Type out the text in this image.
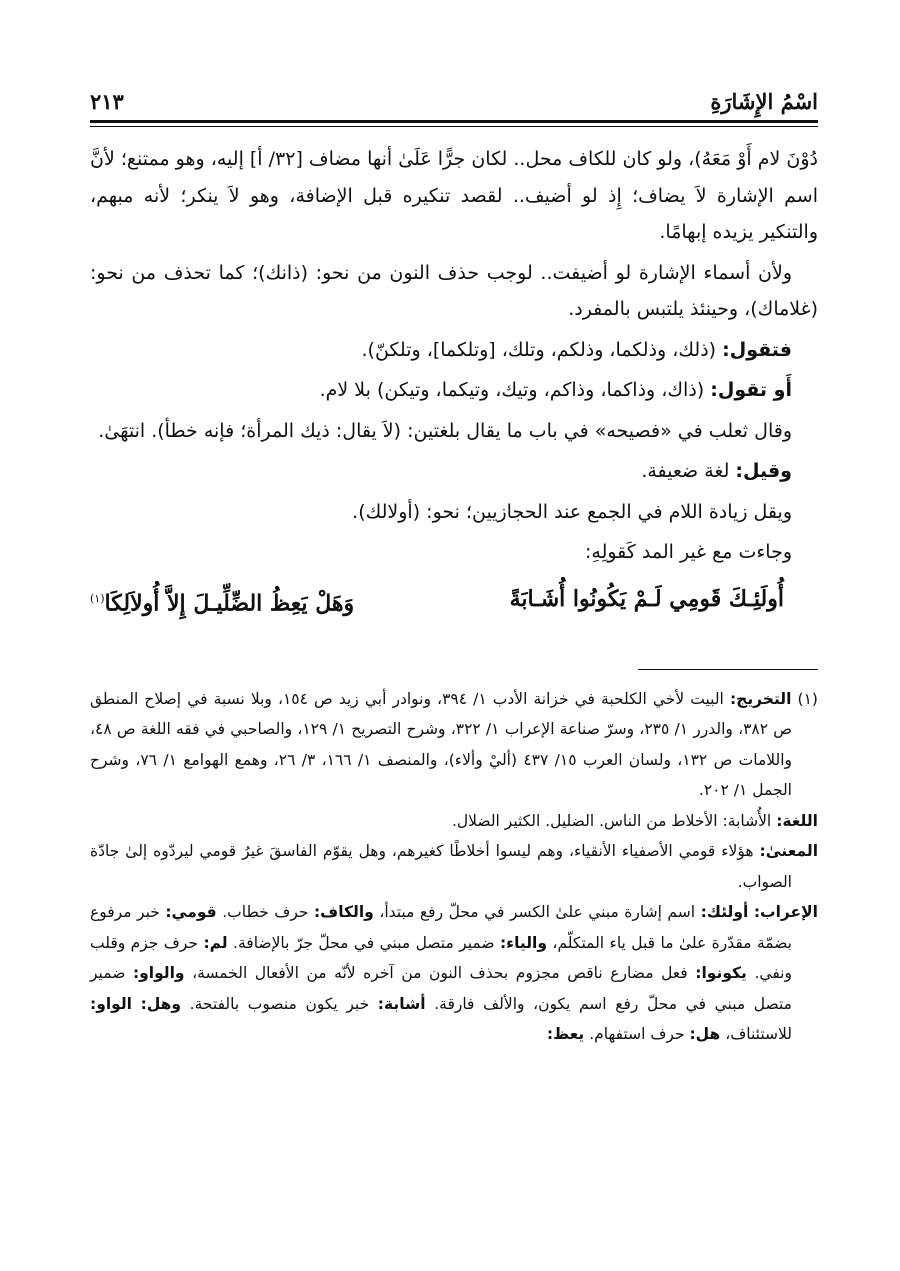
اسْمُ الإِشَارَةِ
٢١٣

دُوْنَ لام أَوْ مَعَهُ)، ولو كان للكاف محل.. لكان جرًّا عَلَىٰ أنها مضاف [٣٢/ أ] إليه، وهو ممتنع؛ لأنَّ اسم الإشارة لاَ يضاف؛ إِذ لو أضيف.. لقصد تنكيره قبل الإضافة، وهو لاَ ينكر؛ لأنه مبهم، والتنكير يزيده إبهامًا.

ولأن أسماء الإشارة لو أضيفت.. لوجب حذف النون من نحو: (ذانك)؛ كما تحذف من نحو: (غلاماك)، وحينئذ يلتبس بالمفرد.

فتقول: (ذلك، وذلكما، وذلكم، وتلك، [وتلكما]، وتلكنّ).

أَو تقول: (ذاك، وذاكما، وذاكم، وتيك، وتيكما، وتيكن) بلا لام.

وقال ثعلب في «فصيحه» في باب ما يقال بلغتين: (لاَ يقال: ذيك المرأة؛ فإنه خطأ). انتهَىٰ.

وقيل: لغة ضعيفة.

ويقل زيادة اللام في الجمع عند الحجازيين؛ نحو: (أولالك).

وجاءت مع غير المد كَقولِهِ:

أُولَئِـكَ قَومِي لَـمْ يَكُونُوا أُشَـابَةً
وَهَلْ يَعِظُ الضِّلِّيـلَ إِلاَّ أُولاَلِكَا$^{(١)}$

(١) التخريج: البيت لأخي الكلحبة في خزانة الأدب ١/ ٣٩٤، ونوادر أبي زيد ص ١٥٤، وبلا نسبة في إصلاح المنطق ص ٣٨٢، والدرر ١/ ٢٣٥، وسرّ صناعة الإعراب ١/ ٣٢٢، وشرح التصريح ١/ ١٢٩، والصاحبي في فقه اللغة ص ٤٨، واللامات ص ١٣٢، ولسان العرب ١٥/ ٤٣٧ (أليْ وألاء)، والمنصف ١/ ١٦٦، ٣/ ٢٦، وهمع الهوامع ١/ ٧٦، وشرح الجمل ١/ ٢٠٢.

اللغة: الأُشابة: الأخلاط من الناس. الضليل. الكثير الضلال.

المعنىٰ: هؤلاء قومي الأصفياء الأنقياء، وهم ليسوا أخلاطًا كغيرهم، وهل يقوّم الفاسقَ غيرُ قومي ليردّوه إلىٰ جادّة الصواب.

الإعراب: أولئك: اسم إشارة مبني علىٰ الكسر في محلّ رفع مبتدأ، والكاف: حرف خطاب. قومي: خبر مرفوع بضمّة مقدّرة علىٰ ما قبل ياء المتكلّم، والياء: ضمير متصل مبني في محلّ جرّ بالإضافة. لم: حرف جزم وقلب ونفي. يكونوا: فعل مضارع ناقص مجزوم بحذف النون من آخره لأنّه من الأفعال الخمسة، والواو: ضمير متصل مبني في محلّ رفع اسم يكون، والألف فارقة. أشابة: خبر يكون منصوب بالفتحة. وهل: الواو: للاستئناف، هل: حرف استفهام. يعظ:
